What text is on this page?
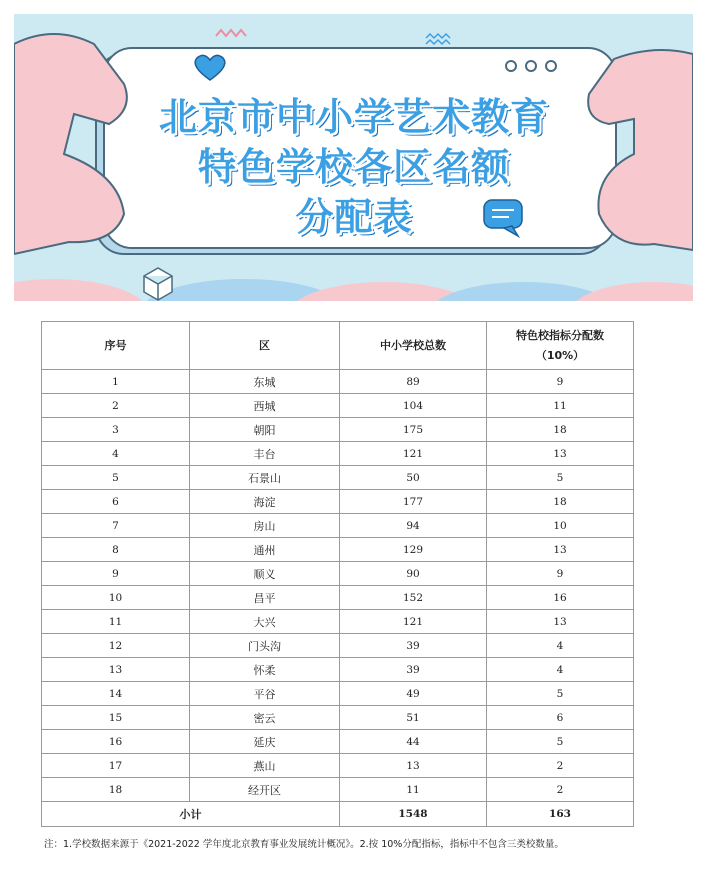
北京市中小学艺术教育
特色学校各区名额
分配表
序号	区	中小学校总数	特色校指标分配数
（10%）
1	东城	89	9
2	西城	104	11
3	朝阳	175	18
4	丰台	121	13
5	石景山	50	5
6	海淀	177	18
7	房山	94	10
8	通州	129	13
9	顺义	90	9
10	昌平	152	16
11	大兴	121	13
12	门头沟	39	4
13	怀柔	39	4
14	平谷	49	5
15	密云	51	6
16	延庆	44	5
17	燕山	13	2
18	经开区	11	2
小计		1548	163
注：1.学校数据来源于《2021-2022 学年度北京教育事业发展统计概况》。2.按 10%分配指标，指标中不包含三类校数量。
